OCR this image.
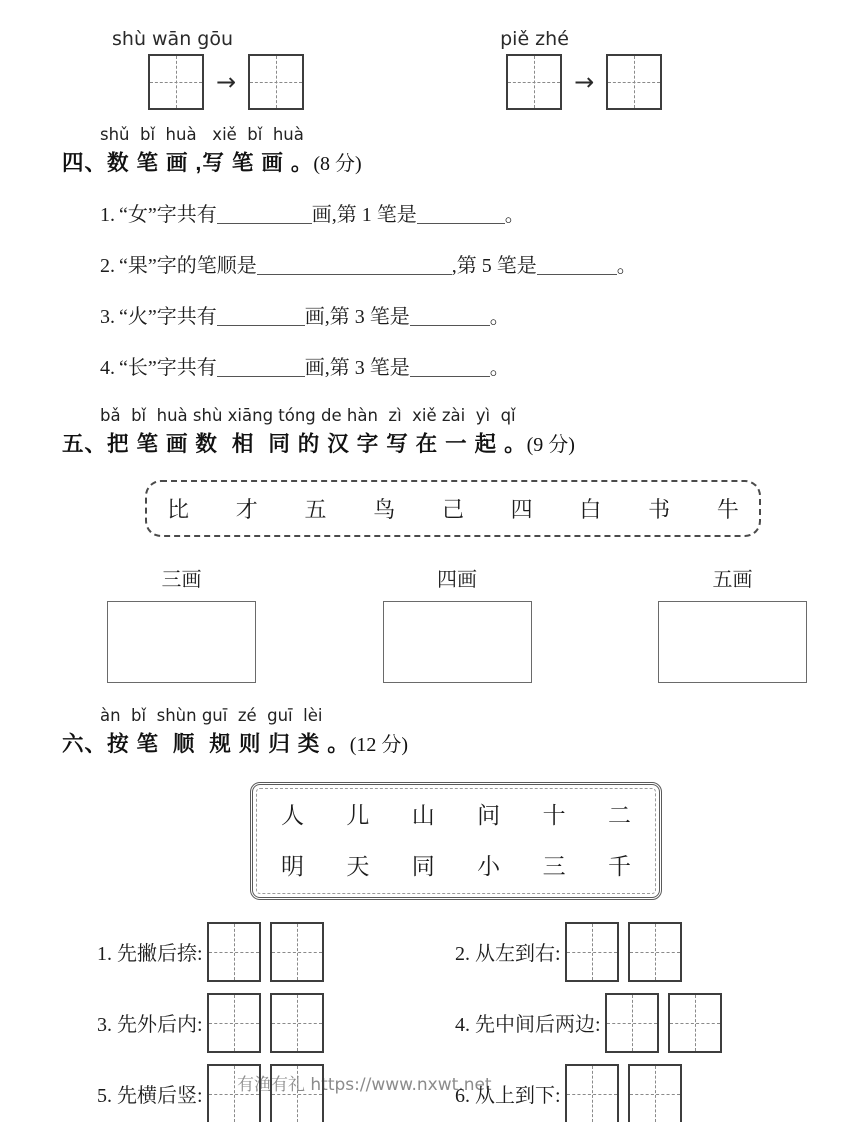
shù wān gōu
→
piě zhé
→
shǔ  bǐ  huà   xiě  bǐ  huà
四、数 笔 画 ,写 笔 画 。(8 分)
1. “女”字共有	画,第 1 笔是	。
2. “果”字的笔顺是	,第 5 笔是	。
3. “火”字共有	画,第 3 笔是	。
4. “长”字共有	画,第 3 笔是	。
bǎ  bǐ  huà shù xiāng tóng de hàn  zì  xiě zài  yì  qǐ
五、把 笔 画 数  相  同 的 汉 字 写 在 一 起 。(9 分)
比 才 五 鸟 己 四 白 书 牛
三画	四画	五画
àn  bǐ  shùn guī  zé  guī  lèi
六、按 笔  顺  规 则 归 类 。(12 分)
人 儿 山 问 十 二
明 天 同 小 三 千
1. 先撇后捺:	2. 从左到右:
3. 先外后内:	4. 先中间后两边:
5. 先横后竖:	6. 从上到下:
有渔有礼 https://www.nxwt.net
